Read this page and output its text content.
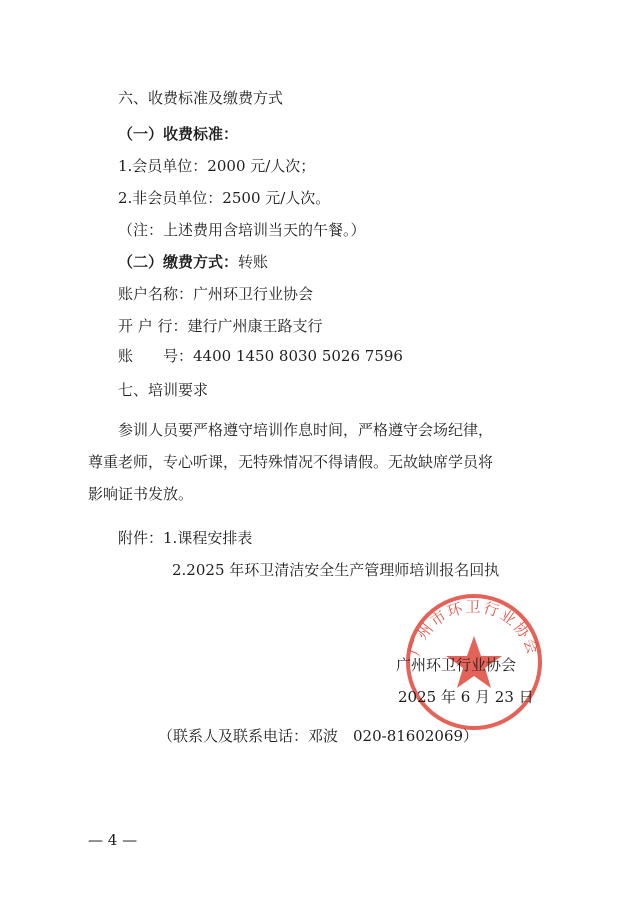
六、收费标准及缴费方式
（一）收费标准：
1.会员单位：2000 元/人次；
2.非会员单位：2500 元/人次。
（注：上述费用含培训当天的午餐。）
（二）缴费方式：转账
账户名称：广州环卫行业协会
开 户 行：建行广州康王路支行
账　　号：4400 1450 8030 5026 7596
七、培训要求
参训人员要严格遵守培训作息时间，严格遵守会场纪律，
尊重老师，专心听课，无特殊情况不得请假。无故缺席学员将
影响证书发放。
附件：1.课程安排表
2.2025 年环卫清洁安全生产管理师培训报名回执
广州市环卫行业协会
广州环卫行业协会
2025 年 6 月 23 日
（联系人及联系电话：邓波　020-81602069）
— 4 —
